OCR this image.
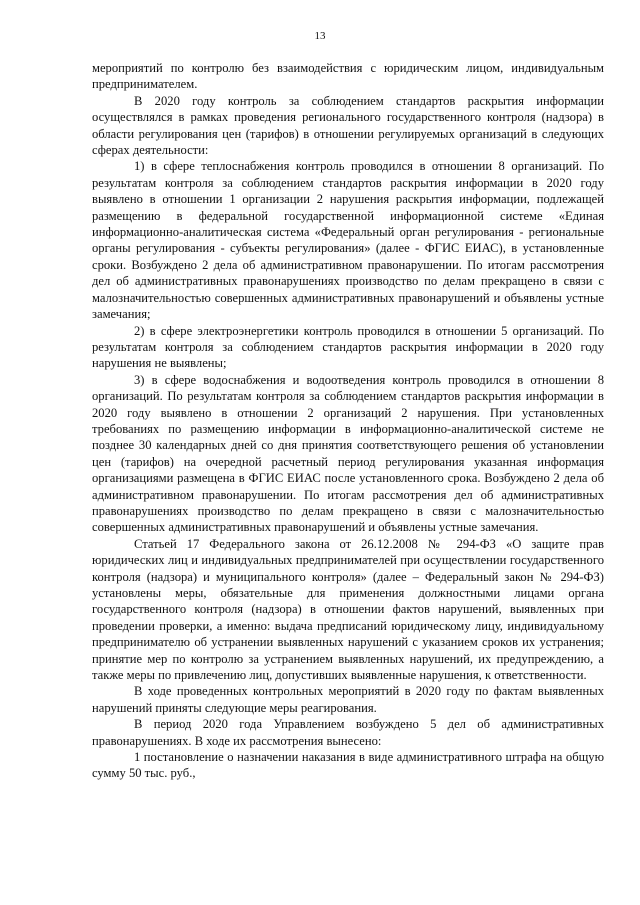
13

мероприятий по контролю без взаимодействия с юридическим лицом, индивидуальным предпринимателем.

В 2020 году контроль за соблюдением стандартов раскрытия информации осуществлялся в рамках проведения регионального государственного контроля (надзора) в области регулирования цен (тарифов) в отношении регулируемых организаций в следующих сферах деятельности:

1) в сфере теплоснабжения контроль проводился в отношении 8 организаций. По результатам контроля за соблюдением стандартов раскрытия информации в 2020 году выявлено в отношении 1 организации 2 нарушения раскрытия информации, подлежащей размещению в федеральной государственной информационной системе «Единая информационно-аналитическая система «Федеральный орган регулирования - региональные органы регулирования - субъекты регулирования» (далее - ФГИС ЕИАС), в установленные сроки. Возбуждено 2 дела об административном правонарушении. По итогам рассмотрения дел об административных правонарушениях производство по делам прекращено в связи с малозначительностью совершенных административных правонарушений и объявлены устные замечания;

2) в сфере электроэнергетики контроль проводился в отношении 5 организаций. По результатам контроля за соблюдением стандартов раскрытия информации в 2020 году нарушения не выявлены;

3) в сфере водоснабжения и водоотведения контроль проводился в отношении 8 организаций. По результатам контроля за соблюдением стандартов раскрытия информации в 2020 году выявлено в отношении 2 организаций 2 нарушения. При установленных требованиях по размещению информации в информационно-аналитической системе не позднее 30 календарных дней со дня принятия соответствующего решения об установлении цен (тарифов) на очередной расчетный период регулирования указанная информация организациями размещена в ФГИС ЕИАС после установленного срока. Возбуждено 2 дела об административном правонарушении. По итогам рассмотрения дел об административных правонарушениях производство по делам прекращено в связи с малозначительностью совершенных административных правонарушений и объявлены устные замечания.

Статьей 17 Федерального закона от 26.12.2008 № 294-ФЗ «О защите прав юридических лиц и индивидуальных предпринимателей при осуществлении государственного контроля (надзора) и муниципального контроля» (далее – Федеральный закон № 294-ФЗ) установлены меры, обязательные для применения должностными лицами органа государственного контроля (надзора) в отношении фактов нарушений, выявленных при проведении проверки, а именно: выдача предписаний юридическому лицу, индивидуальному предпринимателю об устранении выявленных нарушений с указанием сроков их устранения; принятие мер по контролю за устранением выявленных нарушений, их предупреждению, а также меры по привлечению лиц, допустивших выявленные нарушения, к ответственности.

В ходе проведенных контрольных мероприятий в 2020 году по фактам выявленных нарушений приняты следующие меры реагирования.

В период 2020 года Управлением возбуждено 5 дел об административных правонарушениях. В ходе их рассмотрения вынесено:

1 постановление о назначении наказания в виде административного штрафа на общую сумму 50 тыс. руб.,
